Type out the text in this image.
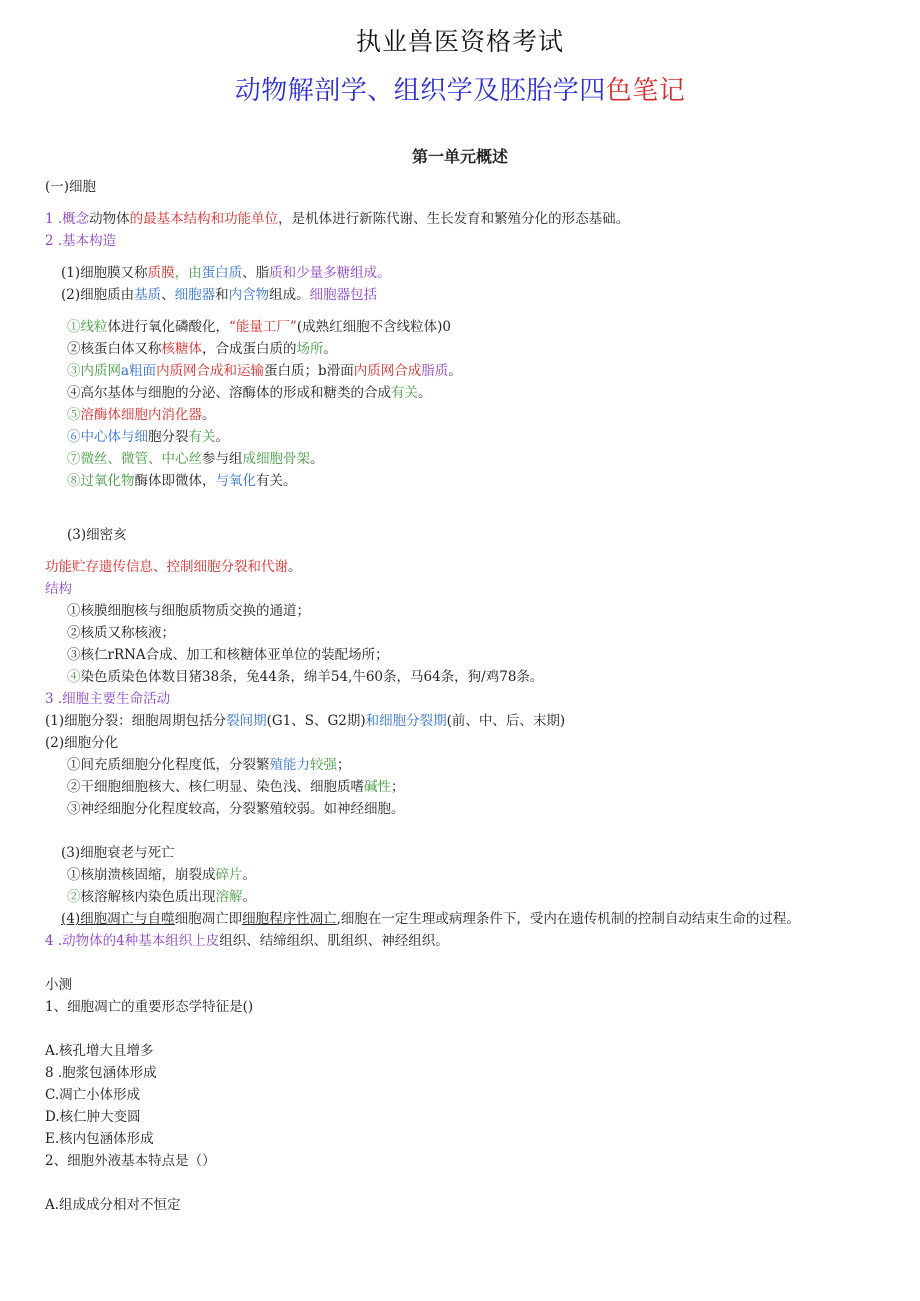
执业兽医资格考试
动物解剖学、组织学及胚胎学四色笔记
第一单元概述
(一)细胞
1 .概念动物体的最基本结构和功能单位，是机体进行新陈代谢、生长发育和繁殖分化的形态基础。
2 .基本构造
(1)细胞膜又称质膜，由蛋白质、脂质和少量多糖组成。
(2)细胞质由基质、细胞器和内含物组成。细胞器包括
①线粒体进行氧化磷酸化，“能量工厂”(成熟红细胞不含线粒体)0
②核蛋白体又称核糖体，合成蛋白质的场所。
③内质网a粗面内质网合成和运输蛋白质；b滑面内质网合成脂质。
④高尔基体与细胞的分泌、溶酶体的形成和糖类的合成有关。
⑤溶酶体细胞内消化器。
⑥中心体与细胞分裂有关。
⑦微丝、微管、中心丝参与组成细胞骨架。
⑧过氧化物酶体即微体，与氧化有关。
(3)细密亥
功能贮存遗传信息、控制细胞分裂和代谢。
结构
①核膜细胞核与细胞质物质交换的通道；
②核质又称核液；
③核仁rRNA合成、加工和核糖体亚单位的装配场所；
④染色质染色体数目猪38条，兔44条，绵羊54,牛60条，马64条，狗/鸡78条。
3 .细胞主要生命活动
(1)细胞分裂：细胞周期包括分裂间期(G1、S、G2期)和细胞分裂期(前、中、后、末期)
(2)细胞分化
①间充质细胞分化程度低，分裂繁殖能力较强；
②干细胞细胞核大、核仁明显、染色浅、细胞质嗜碱性；
③神经细胞分化程度较高，分裂繁殖较弱。如神经细胞。
(3)细胞衰老与死亡
①核崩溃核固缩，崩裂成碎片。
②核溶解核内染色质出现溶解。
(4)细胞凋亡与自噬细胞凋亡即细胞程序性凋亡,细胞在一定生理或病理条件下，受内在遗传机制的控制自动结束生命的过程。
4 .动物体的4种基本组织上皮组织、结缔组织、肌组织、神经组织。
小测
1、细胞凋亡的重要形态学特征是()
A.核孔增大且增多
8 .胞浆包涵体形成
C.凋亡小体形成
D.核仁肿大变圆
E.核内包涵体形成
2、细胞外液基本特点是（）
A.组成成分相对不恒定
